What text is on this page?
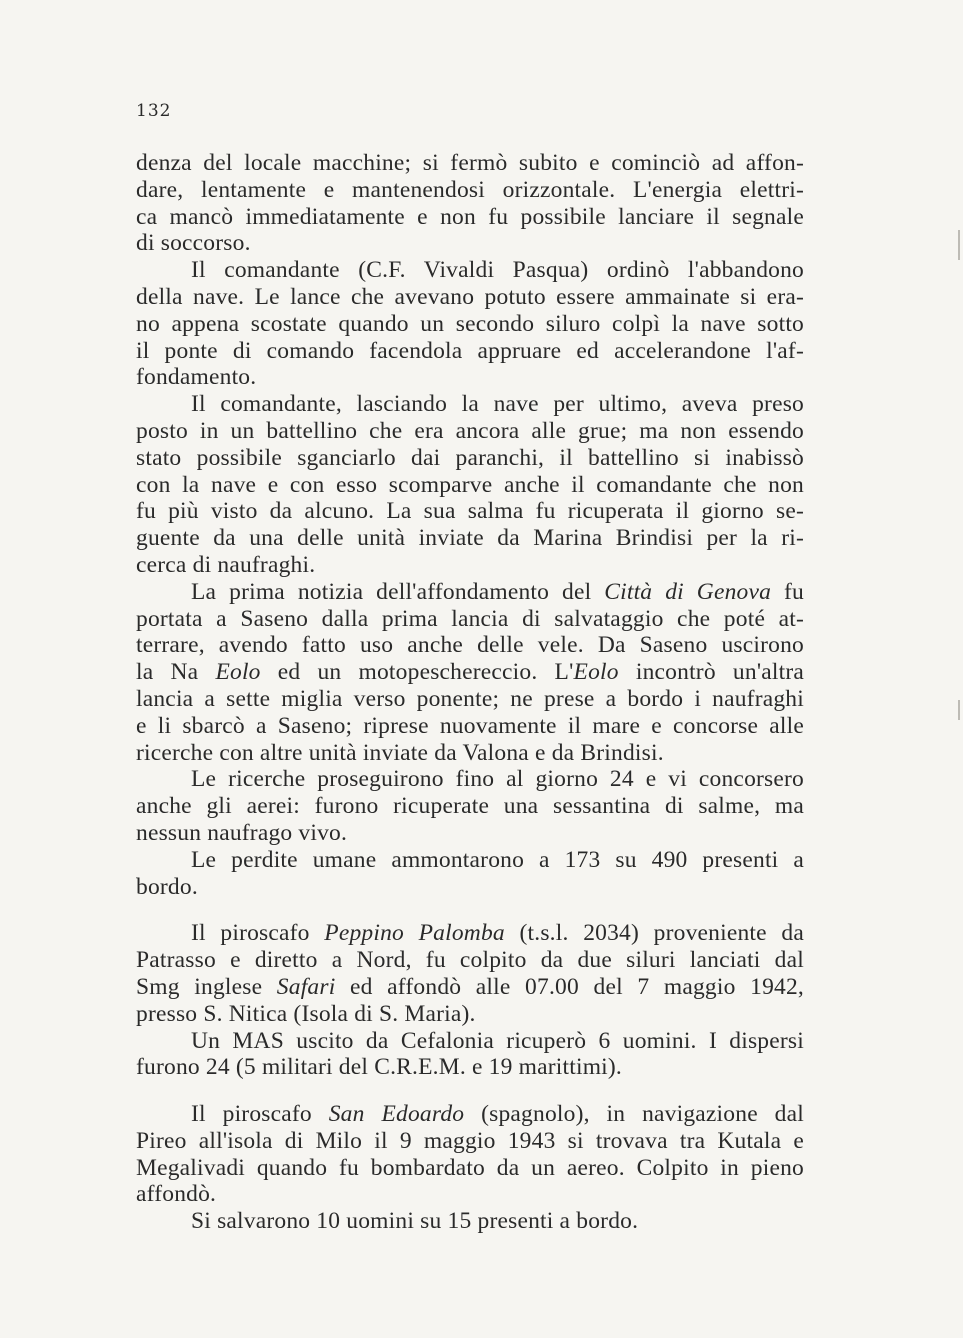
132
denza del locale macchine; si fermò subito e cominciò ad affon-
dare, lentamente e mantenendosi orizzontale. L'energia elettri-
ca mancò immediatamente e non fu possibile lanciare il segnale
di soccorso.
Il comandante (C.F. Vivaldi Pasqua) ordinò l'abbandono
della nave. Le lance che avevano potuto essere ammainate si era-
no appena scostate quando un secondo siluro colpì la nave sotto
il ponte di comando facendola appruare ed accelerandone l'af-
fondamento.
Il comandante, lasciando la nave per ultimo, aveva preso
posto in un battellino che era ancora alle grue; ma non essendo
stato possibile sganciarlo dai paranchi, il battellino si inabissò
con la nave e con esso scomparve anche il comandante che non
fu più visto da alcuno. La sua salma fu ricuperata il giorno se-
guente da una delle unità inviate da Marina Brindisi per la ri-
cerca di naufraghi.
La prima notizia dell'affondamento del Città di Genova fu
portata a Saseno dalla prima lancia di salvataggio che poté at-
terrare, avendo fatto uso anche delle vele. Da Saseno uscirono
la Na Eolo ed un motopeschereccio. L'Eolo incontrò un'altra
lancia a sette miglia verso ponente; ne prese a bordo i naufraghi
e li sbarcò a Saseno; riprese nuovamente il mare e concorse alle
ricerche con altre unità inviate da Valona e da Brindisi.
Le ricerche proseguirono fino al giorno 24 e vi concorsero
anche gli aerei: furono ricuperate una sessantina di salme, ma
nessun naufrago vivo.
Le perdite umane ammontarono a 173 su 490 presenti a
bordo.
Il piroscafo Peppino Palomba (t.s.l. 2034) proveniente da
Patrasso e diretto a Nord, fu colpito da due siluri lanciati dal
Smg inglese Safari ed affondò alle 07.00 del 7 maggio 1942,
presso S. Nitica (Isola di S. Maria).
Un MAS uscito da Cefalonia ricuperò 6 uomini. I dispersi
furono 24 (5 militari del C.R.E.M. e 19 marittimi).
Il piroscafo San Edoardo (spagnolo), in navigazione dal
Pireo all'isola di Milo il 9 maggio 1943 si trovava tra Kutala e
Megalivadi quando fu bombardato da un aereo. Colpito in pieno
affondò.
Si salvarono 10 uomini su 15 presenti a bordo.
